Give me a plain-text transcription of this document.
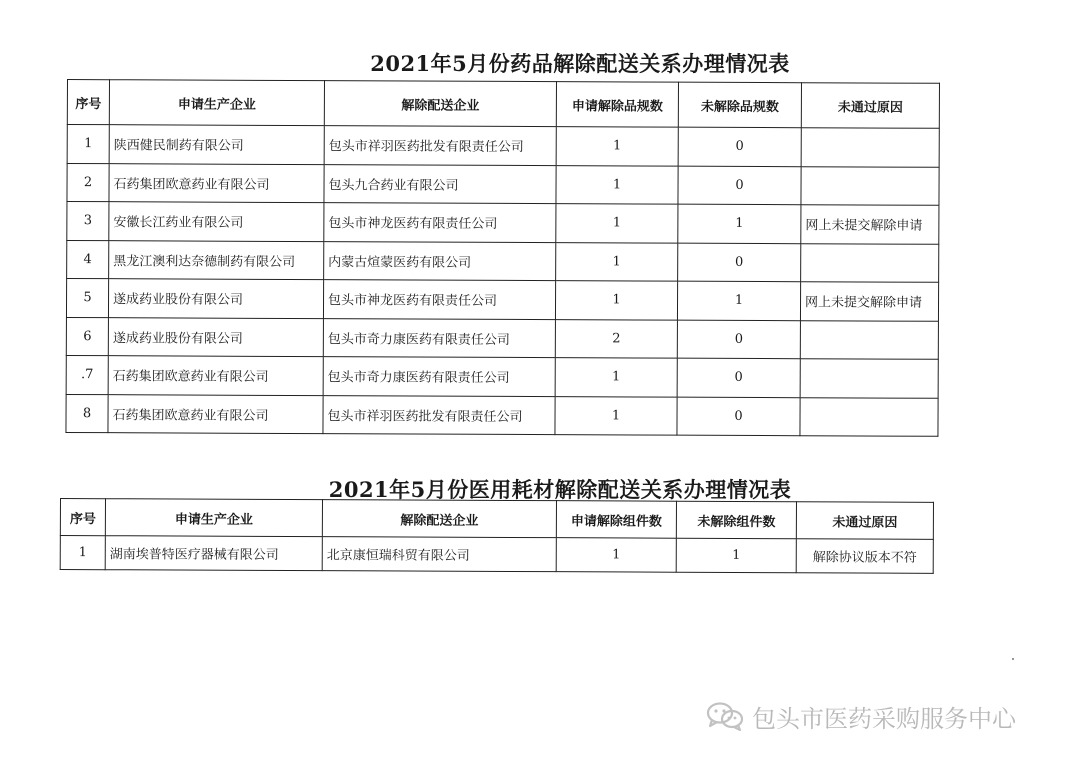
2021年5月份药品解除配送关系办理情况表
序号	申请生产企业	解除配送企业	申请解除品规数	未解除品规数	未通过原因
1	陕西健民制药有限公司	包头市祥羽医药批发有限责任公司	1	0	
2	石药集团欧意药业有限公司	包头九合药业有限公司	1	0	
3	安徽长江药业有限公司	包头市神龙医药有限责任公司	1	1	网上未提交解除申请
4	黑龙江澳利达奈德制药有限公司	内蒙古煊蒙医药有限公司	1	0	
5	遂成药业股份有限公司	包头市神龙医药有限责任公司	1	1	网上未提交解除申请
6	遂成药业股份有限公司	包头市奇力康医药有限责任公司	2	0	
.7	石药集团欧意药业有限公司	包头市奇力康医药有限责任公司	1	0	
8	石药集团欧意药业有限公司	包头市祥羽医药批发有限责任公司	1	0	
2021年5月份医用耗材解除配送关系办理情况表
序号	申请生产企业	解除配送企业	申请解除组件数	未解除组件数	未通过原因
1	湖南埃普特医疗器械有限公司	北京康恒瑞科贸有限公司	1	1	解除协议版本不符
包头市医药采购服务中心
